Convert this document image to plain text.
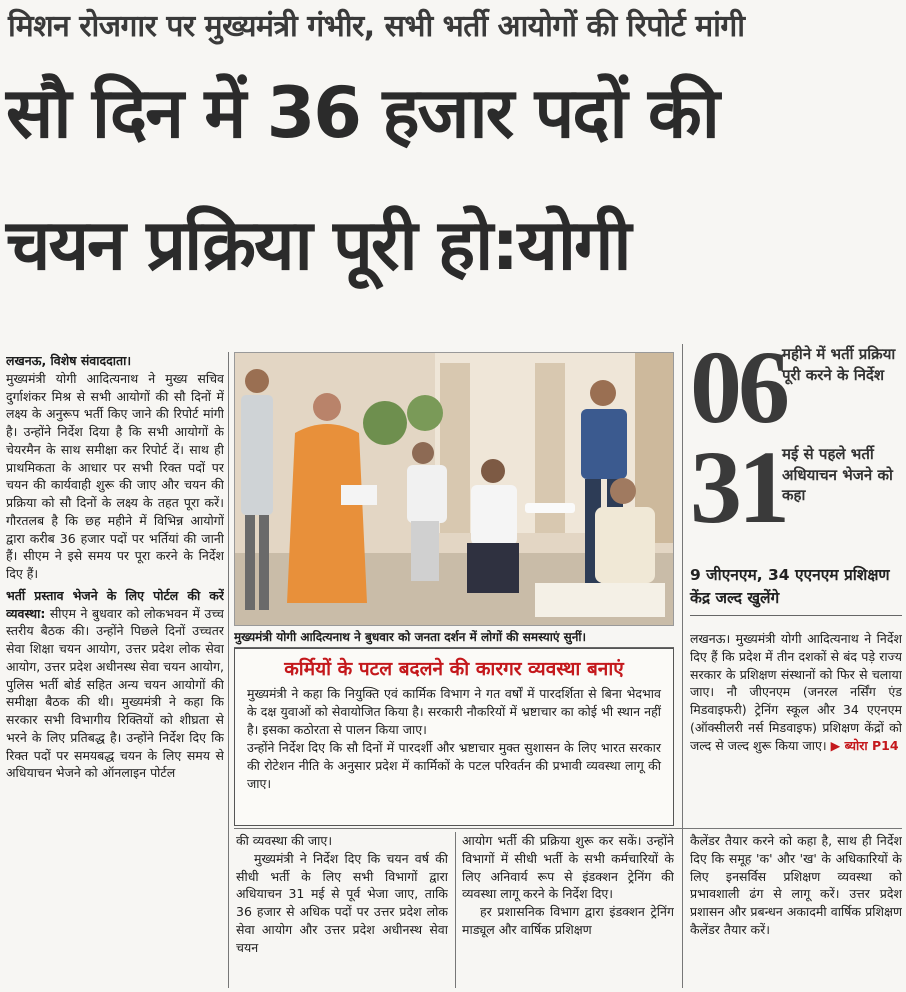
मिशन रोजगार पर मुख्यमंत्री गंभीर, सभी भर्ती आयोगों की रिपोर्ट मांगी
सौ दिन में 36 हजार पदों की
चयन प्रक्रिया पूरी हो:योगी

लखनऊ, विशेष संवाददाता।

मुख्यमंत्री योगी आदित्यनाथ ने मुख्य सचिव दुर्गाशंकर मिश्र से सभी आयोगों की सौ दिनों में लक्ष्य के अनुरूप भर्ती किए जाने की रिपोर्ट मांगी है। उन्होंने निर्देश दिया है कि सभी आयोगों के चेयरमैन के साथ समीक्षा कर रिपोर्ट दें। साथ ही प्राथमिकता के आधार पर सभी रिक्त पदों पर चयन की कार्यवाही शुरू की जाए और चयन की प्रक्रिया को सौ दिनों के लक्ष्य के तहत पूरा करें। गौरतलब है कि छह महीने में विभिन्न आयोगों द्वारा करीब 36 हजार पदों पर भर्तियां की जानी हैं। सीएम ने इसे समय पर पूरा करने के निर्देश दिए हैं।

भर्ती प्रस्ताव भेजने के लिए पोर्टल की करें व्यवस्था: सीएम ने बुधवार को लोकभवन में उच्च स्तरीय बैठक की। उन्होंने पिछले दिनों उच्चतर सेवा शिक्षा चयन आयोग, उत्तर प्रदेश लोक सेवा आयोग, उत्तर प्रदेश अधीनस्थ सेवा चयन आयोग, पुलिस भर्ती बोर्ड सहित अन्य चयन आयोगों की समीक्षा बैठक की थी। मुख्यमंत्री ने कहा कि सरकार सभी विभागीय रिक्तियों को शीघ्रता से भरने के लिए प्रतिबद्ध है। उन्होंने निर्देश दिए कि रिक्त पदों पर समयबद्ध चयन के लिए समय से अधियाचन भेजने को ऑनलाइन पोर्टल

मुख्यमंत्री योगी आदित्यनाथ ने बुधवार को जनता दर्शन में लोगों की समस्याएं सुनीं।
कर्मियों के पटल बदलने की कारगर व्यवस्था बनाएं

मुख्यमंत्री ने कहा कि नियुक्ति एवं कार्मिक विभाग ने गत वर्षों में पारदर्शिता से बिना भेदभाव के दक्ष युवाओं को सेवायोजित किया है। सरकारी नौकरियों में भ्रष्टाचार का कोई भी स्थान नहीं है। इसका कठोरता से पालन किया जाए।

उन्होंने निर्देश दिए कि सौ दिनों में पारदर्शी और भ्रष्टाचार मुक्त सुशासन के लिए भारत सरकार की रोटेशन नीति के अनुसार प्रदेश में कार्मिकों के पटल परिवर्तन की प्रभावी व्यवस्था लागू की जाए।

06
महीने में भर्ती प्रक्रिया पूरी करने के निर्देश
31
मई से पहले भर्ती अधियाचन भेजने को कहा
9 जीएनएम, 34 एएनएम प्रशिक्षण केंद्र जल्द खुलेंगे

लखनऊ। मुख्यमंत्री योगी आदित्यनाथ ने निर्देश दिए हैं कि प्रदेश में तीन दशकों से बंद पड़े राज्य सरकार के प्रशिक्षण संस्थानों को फिर से चलाया जाए। नौ जीएनएम (जनरल नर्सिंग एंड मिडवाइफरी) ट्रेनिंग स्कूल और 34 एएनएम (ऑक्सीलरी नर्स मिडवाइफ) प्रशिक्षण केंद्रों को जल्द से जल्द शुरू किया जाए। ▶ ब्योरा P14

की व्यवस्था की जाए।

मुख्यमंत्री ने निर्देश दिए कि चयन वर्ष की सीधी भर्ती के लिए सभी विभागों द्वारा अधियाचन 31 मई से पूर्व भेजा जाए, ताकि 36 हजार से अधिक पदों पर उत्तर प्रदेश लोक सेवा आयोग और उत्तर प्रदेश अधीनस्थ सेवा चयन

आयोग भर्ती की प्रक्रिया शुरू कर सकें। उन्होंने विभागों में सीधी भर्ती के सभी कर्मचारियों के लिए अनिवार्य रूप से इंडक्शन ट्रेनिंग की व्यवस्था लागू करने के निर्देश दिए।

हर प्रशासनिक विभाग द्वारा इंडक्शन ट्रेनिंग माड्यूल और वार्षिक प्रशिक्षण

कैलेंडर तैयार करने को कहा है, साथ ही निर्देश दिए कि समूह 'क' और 'ख' के अधिकारियों के लिए इनसर्विस प्रशिक्षण व्यवस्था को प्रभावशाली ढंग से लागू करें। उत्तर प्रदेश प्रशासन और प्रबन्धन अकादमी वार्षिक प्रशिक्षण कैलेंडर तैयार करें।
